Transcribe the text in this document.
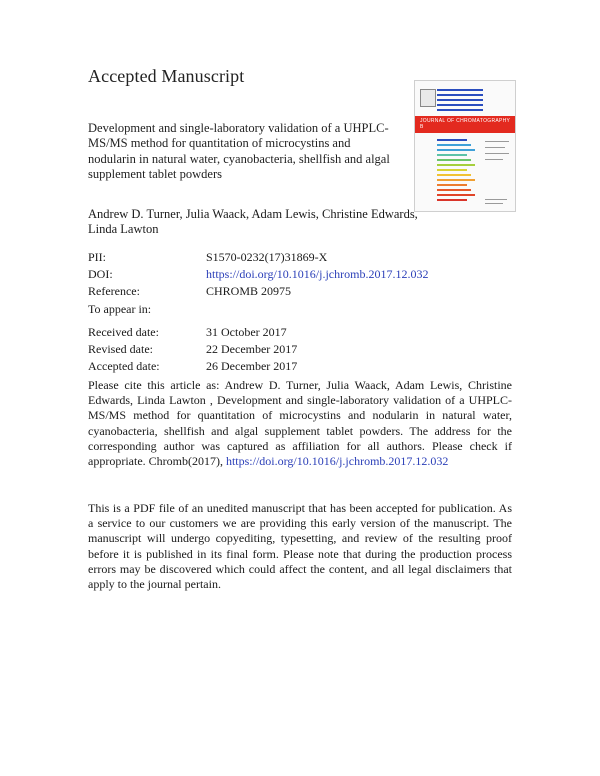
Accepted Manuscript
JOURNAL OF CHROMATOGRAPHY B
Development and single-laboratory validation of a UHPLC-MS/MS method for quantitation of microcystins and nodularin in natural water, cyanobacteria, shellfish and algal supplement tablet powders
Andrew D. Turner, Julia Waack, Adam Lewis, Christine Edwards, Linda Lawton
PII:	S1570-0232(17)31869-X
DOI:	https://doi.org/10.1016/j.jchromb.2017.12.032
Reference:	CHROMB 20975
To appear in:
Received date:	31 October 2017
Revised date:	22 December 2017
Accepted date:	26 December 2017
Please cite this article as: Andrew D. Turner, Julia Waack, Adam Lewis, Christine Edwards, Linda Lawton , Development and single-laboratory validation of a UHPLC-MS/MS method for quantitation of microcystins and nodularin in natural water, cyanobacteria, shellfish and algal supplement tablet powders. The address for the corresponding author was captured as affiliation for all authors. Please check if appropriate. Chromb(2017), https://doi.org/10.1016/j.jchromb.2017.12.032
This is a PDF file of an unedited manuscript that has been accepted for publication. As a service to our customers we are providing this early version of the manuscript. The manuscript will undergo copyediting, typesetting, and review of the resulting proof before it is published in its final form. Please note that during the production process errors may be discovered which could affect the content, and all legal disclaimers that apply to the journal pertain.
